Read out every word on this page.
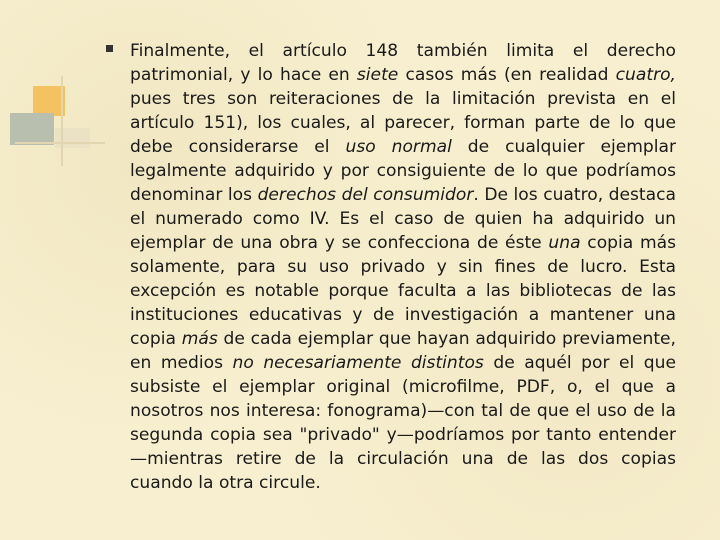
Finalmente, el artículo 148 también limita el derecho patrimonial, y lo hace en siete casos más (en realidad cuatro, pues tres son reiteraciones de la limitación prevista en el artículo 151), los cuales, al parecer, forman parte de lo que debe considerarse el uso normal de cualquier ejemplar legalmente adquirido y por consiguiente de lo que podríamos denominar los derechos del consumidor. De los cuatro, destaca el numerado como IV. Es el caso de quien ha adquirido un ejemplar de una obra y se confecciona de éste una copia más solamente, para su uso privado y sin fines de lucro. Esta excepción es notable porque faculta a las bibliotecas de las instituciones educativas y de investigación a mantener una copia más de cada ejemplar que hayan adquirido previamente, en medios no necesariamente distintos de aquél por el que subsiste el ejemplar original (microfilme, PDF, o, el que a nosotros nos interesa: fonograma)—con tal de que el uso de la segunda copia sea "privado" y—podríamos por tanto entender—mientras retire de la circulación una de las dos copias cuando la otra circule.
